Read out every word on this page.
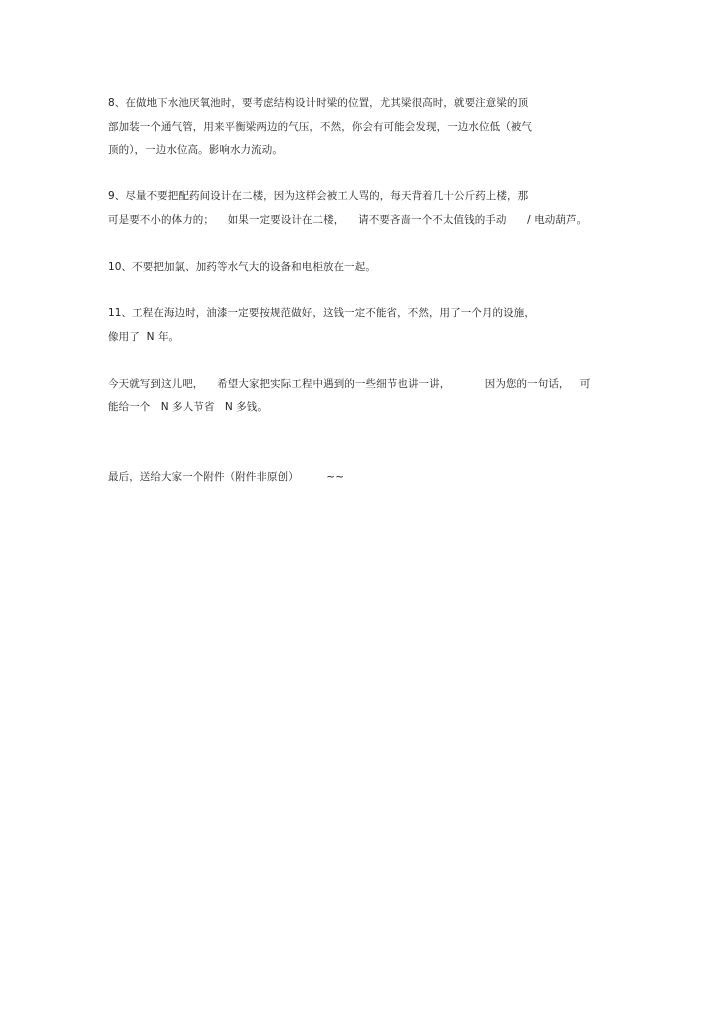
8、在做地下水池厌氧池时，要考虑结构设计时梁的位置，尤其梁很高时，就要注意梁的顶
部加装一个通气管，用来平衡梁两边的气压，不然，你会有可能会发现，一边水位低（被气
顶的），一边水位高。影响水力流动。
9、尽量不要把配药间设计在二楼，因为这样会被工人骂的，每天背着几十公斤药上楼，那
可是要不小的体力的；    如果一定要设计在二楼，    请不要吝啬一个不太值钱的手动      / 电动葫芦。
10、不要把加氯、加药等水气大的设备和电柜放在一起。
11、工程在海边时，油漆一定要按规范做好，这钱一定不能省，不然，用了一个月的设施，
像用了  N 年。
今天就写到这儿吧，    希望大家把实际工程中遇到的一些细节也讲一讲，          因为您的一句话，   可
能给一个   N 多人节省   N 多钱。
最后，送给大家一个附件（附件非原创）        ~~
